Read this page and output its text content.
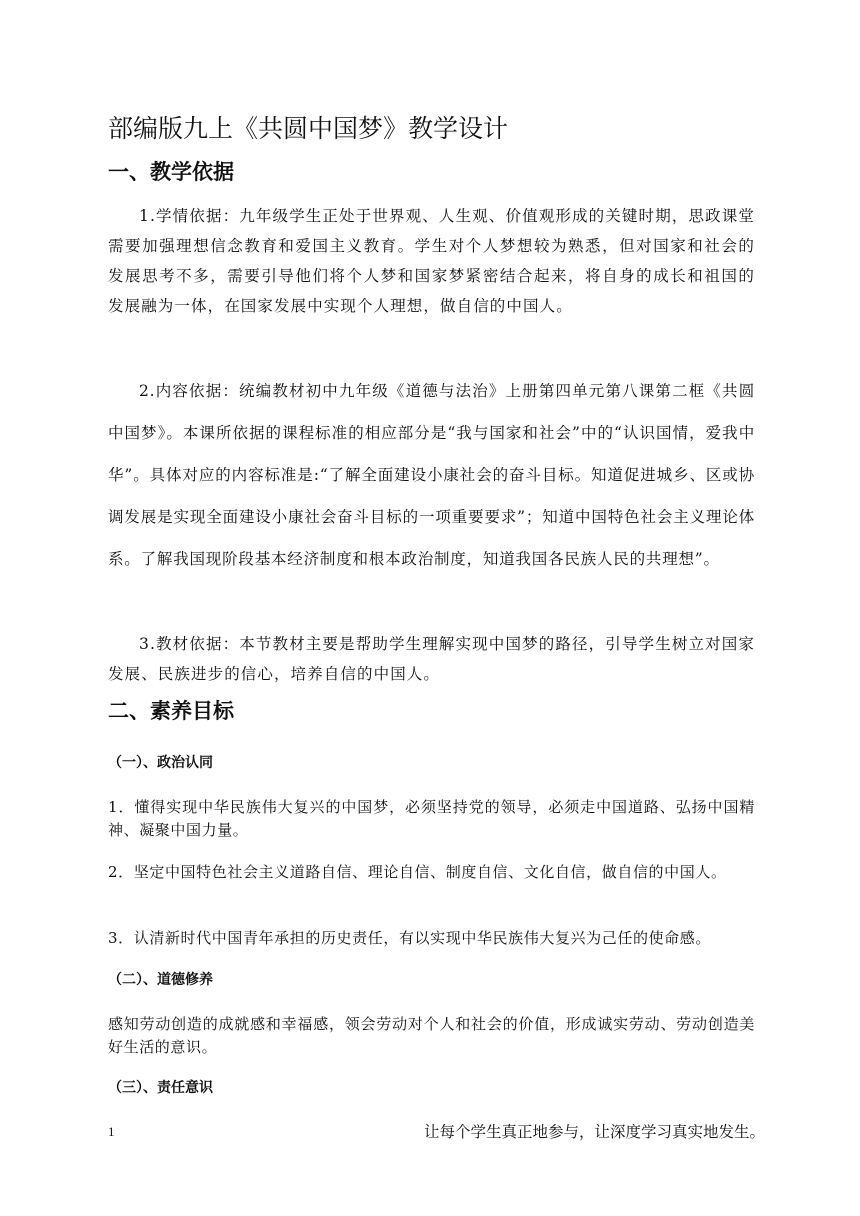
部编版九上《共圆中国梦》教学设计
一、教学依据
1.学情依据：九年级学生正处于世界观、人生观、价值观形成的关键时期，思政课堂需要加强理想信念教育和爱国主义教育。学生对个人梦想较为熟悉，但对国家和社会的发展思考不多，需要引导他们将个人梦和国家梦紧密结合起来，将自身的成长和祖国的发展融为一体，在国家发展中实现个人理想，做自信的中国人。
2.内容依据：统编教材初中九年级《道德与法治》上册第四单元第八课第二框《共圆中国梦》。本课所依据的课程标准的相应部分是“我与国家和社会”中的“认识国情，爱我中华”。具体对应的内容标准是:“了解全面建设小康社会的奋斗目标。知道促进城乡、区或协调发展是实现全面建设小康社会奋斗目标的一项重要要求”；知道中国特色社会主义理论体系。了解我国现阶段基本经济制度和根本政治制度，知道我国各民族人民的共理想”。
3.教材依据：本节教材主要是帮助学生理解实现中国梦的路径，引导学生树立对国家发展、民族进步的信心，培养自信的中国人。
二、素养目标
（一）、政治认同
1．懂得实现中华民族伟大复兴的中国梦，必须坚持党的领导，必须走中国道路、弘扬中国精神、凝聚中国力量。
2．坚定中国特色社会主义道路自信、理论自信、制度自信、文化自信，做自信的中国人。
3．认清新时代中国青年承担的历史责任，有以实现中华民族伟大复兴为己任的使命感。
（二）、道德修养
感知劳动创造的成就感和幸福感，领会劳动对个人和社会的价值，形成诚实劳动、劳动创造美好生活的意识。
（三）、责任意识
1	让每个学生真正地参与，让深度学习真实地发生。
